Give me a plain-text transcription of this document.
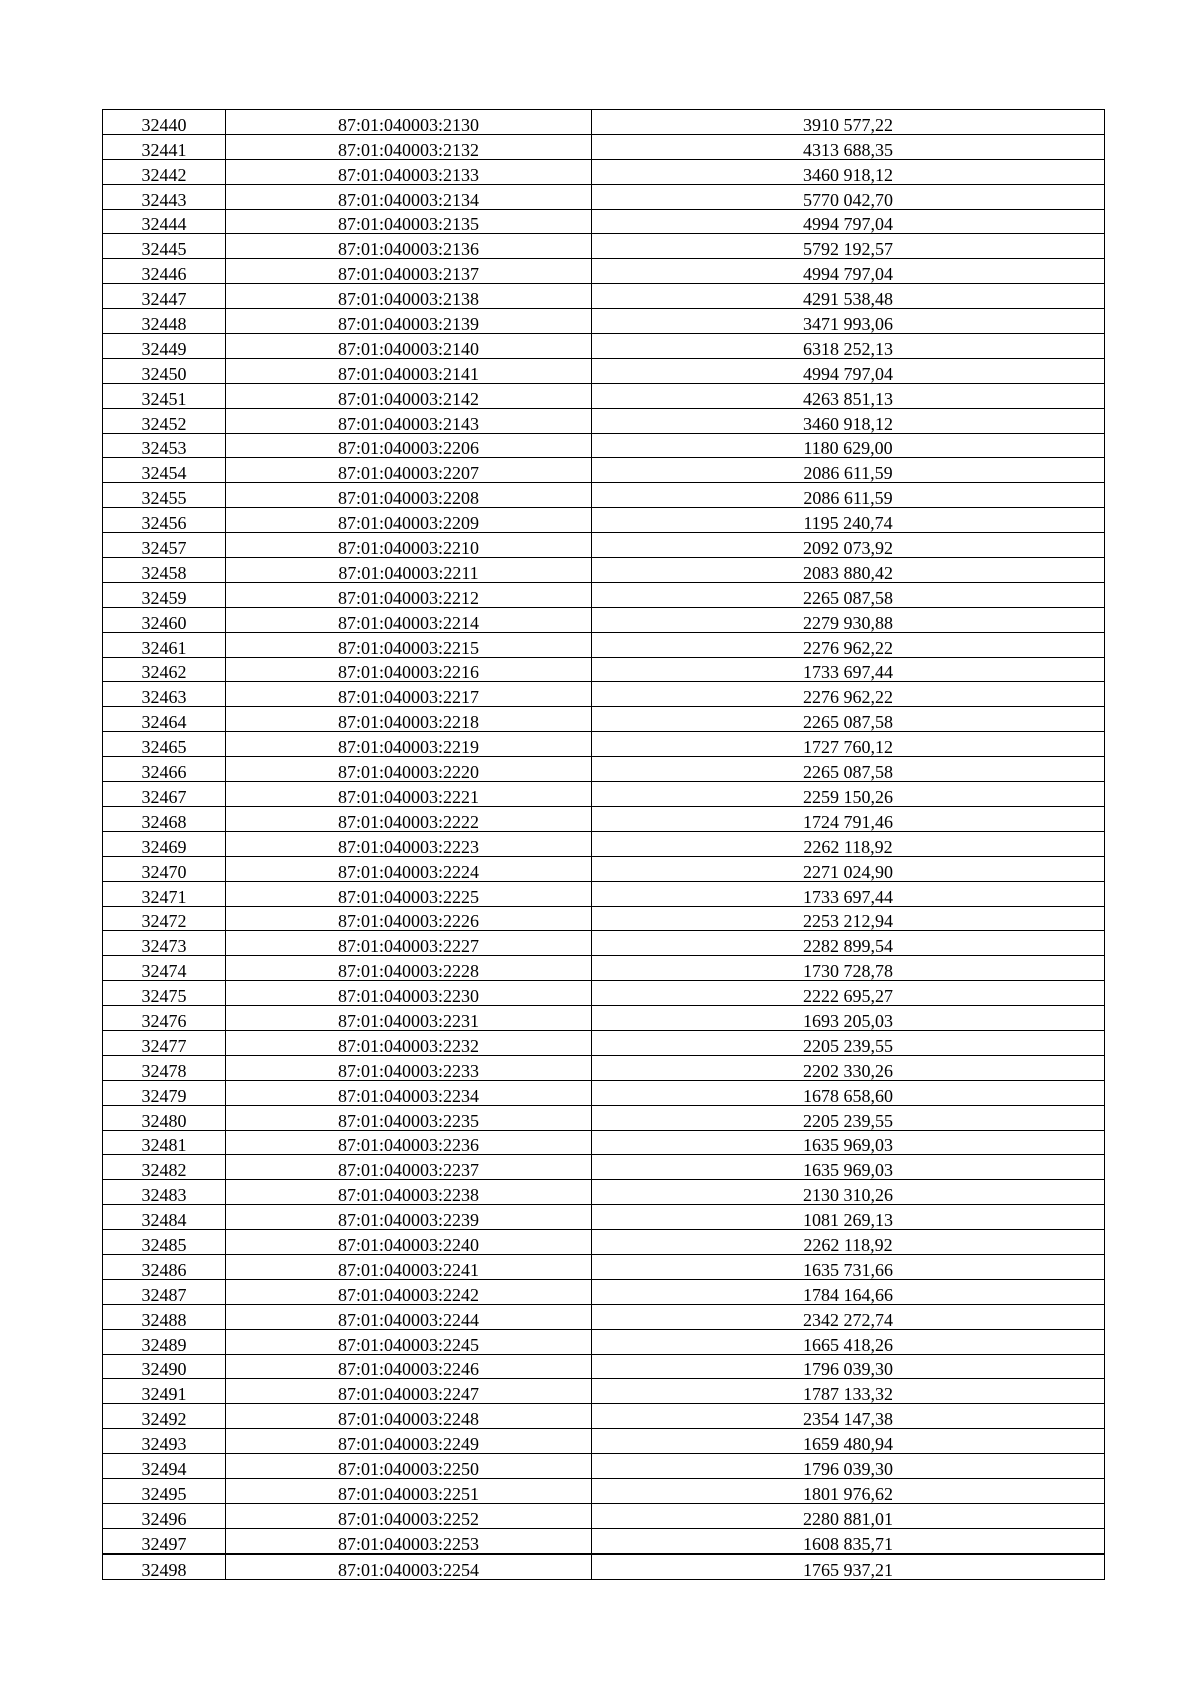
32440	87:01:040003:2130	3910 577,22
32441	87:01:040003:2132	4313 688,35
32442	87:01:040003:2133	3460 918,12
32443	87:01:040003:2134	5770 042,70
32444	87:01:040003:2135	4994 797,04
32445	87:01:040003:2136	5792 192,57
32446	87:01:040003:2137	4994 797,04
32447	87:01:040003:2138	4291 538,48
32448	87:01:040003:2139	3471 993,06
32449	87:01:040003:2140	6318 252,13
32450	87:01:040003:2141	4994 797,04
32451	87:01:040003:2142	4263 851,13
32452	87:01:040003:2143	3460 918,12
32453	87:01:040003:2206	1180 629,00
32454	87:01:040003:2207	2086 611,59
32455	87:01:040003:2208	2086 611,59
32456	87:01:040003:2209	1195 240,74
32457	87:01:040003:2210	2092 073,92
32458	87:01:040003:2211	2083 880,42
32459	87:01:040003:2212	2265 087,58
32460	87:01:040003:2214	2279 930,88
32461	87:01:040003:2215	2276 962,22
32462	87:01:040003:2216	1733 697,44
32463	87:01:040003:2217	2276 962,22
32464	87:01:040003:2218	2265 087,58
32465	87:01:040003:2219	1727 760,12
32466	87:01:040003:2220	2265 087,58
32467	87:01:040003:2221	2259 150,26
32468	87:01:040003:2222	1724 791,46
32469	87:01:040003:2223	2262 118,92
32470	87:01:040003:2224	2271 024,90
32471	87:01:040003:2225	1733 697,44
32472	87:01:040003:2226	2253 212,94
32473	87:01:040003:2227	2282 899,54
32474	87:01:040003:2228	1730 728,78
32475	87:01:040003:2230	2222 695,27
32476	87:01:040003:2231	1693 205,03
32477	87:01:040003:2232	2205 239,55
32478	87:01:040003:2233	2202 330,26
32479	87:01:040003:2234	1678 658,60
32480	87:01:040003:2235	2205 239,55
32481	87:01:040003:2236	1635 969,03
32482	87:01:040003:2237	1635 969,03
32483	87:01:040003:2238	2130 310,26
32484	87:01:040003:2239	1081 269,13
32485	87:01:040003:2240	2262 118,92
32486	87:01:040003:2241	1635 731,66
32487	87:01:040003:2242	1784 164,66
32488	87:01:040003:2244	2342 272,74
32489	87:01:040003:2245	1665 418,26
32490	87:01:040003:2246	1796 039,30
32491	87:01:040003:2247	1787 133,32
32492	87:01:040003:2248	2354 147,38
32493	87:01:040003:2249	1659 480,94
32494	87:01:040003:2250	1796 039,30
32495	87:01:040003:2251	1801 976,62
32496	87:01:040003:2252	2280 881,01
32497	87:01:040003:2253	1608 835,71
32498	87:01:040003:2254	1765 937,21
